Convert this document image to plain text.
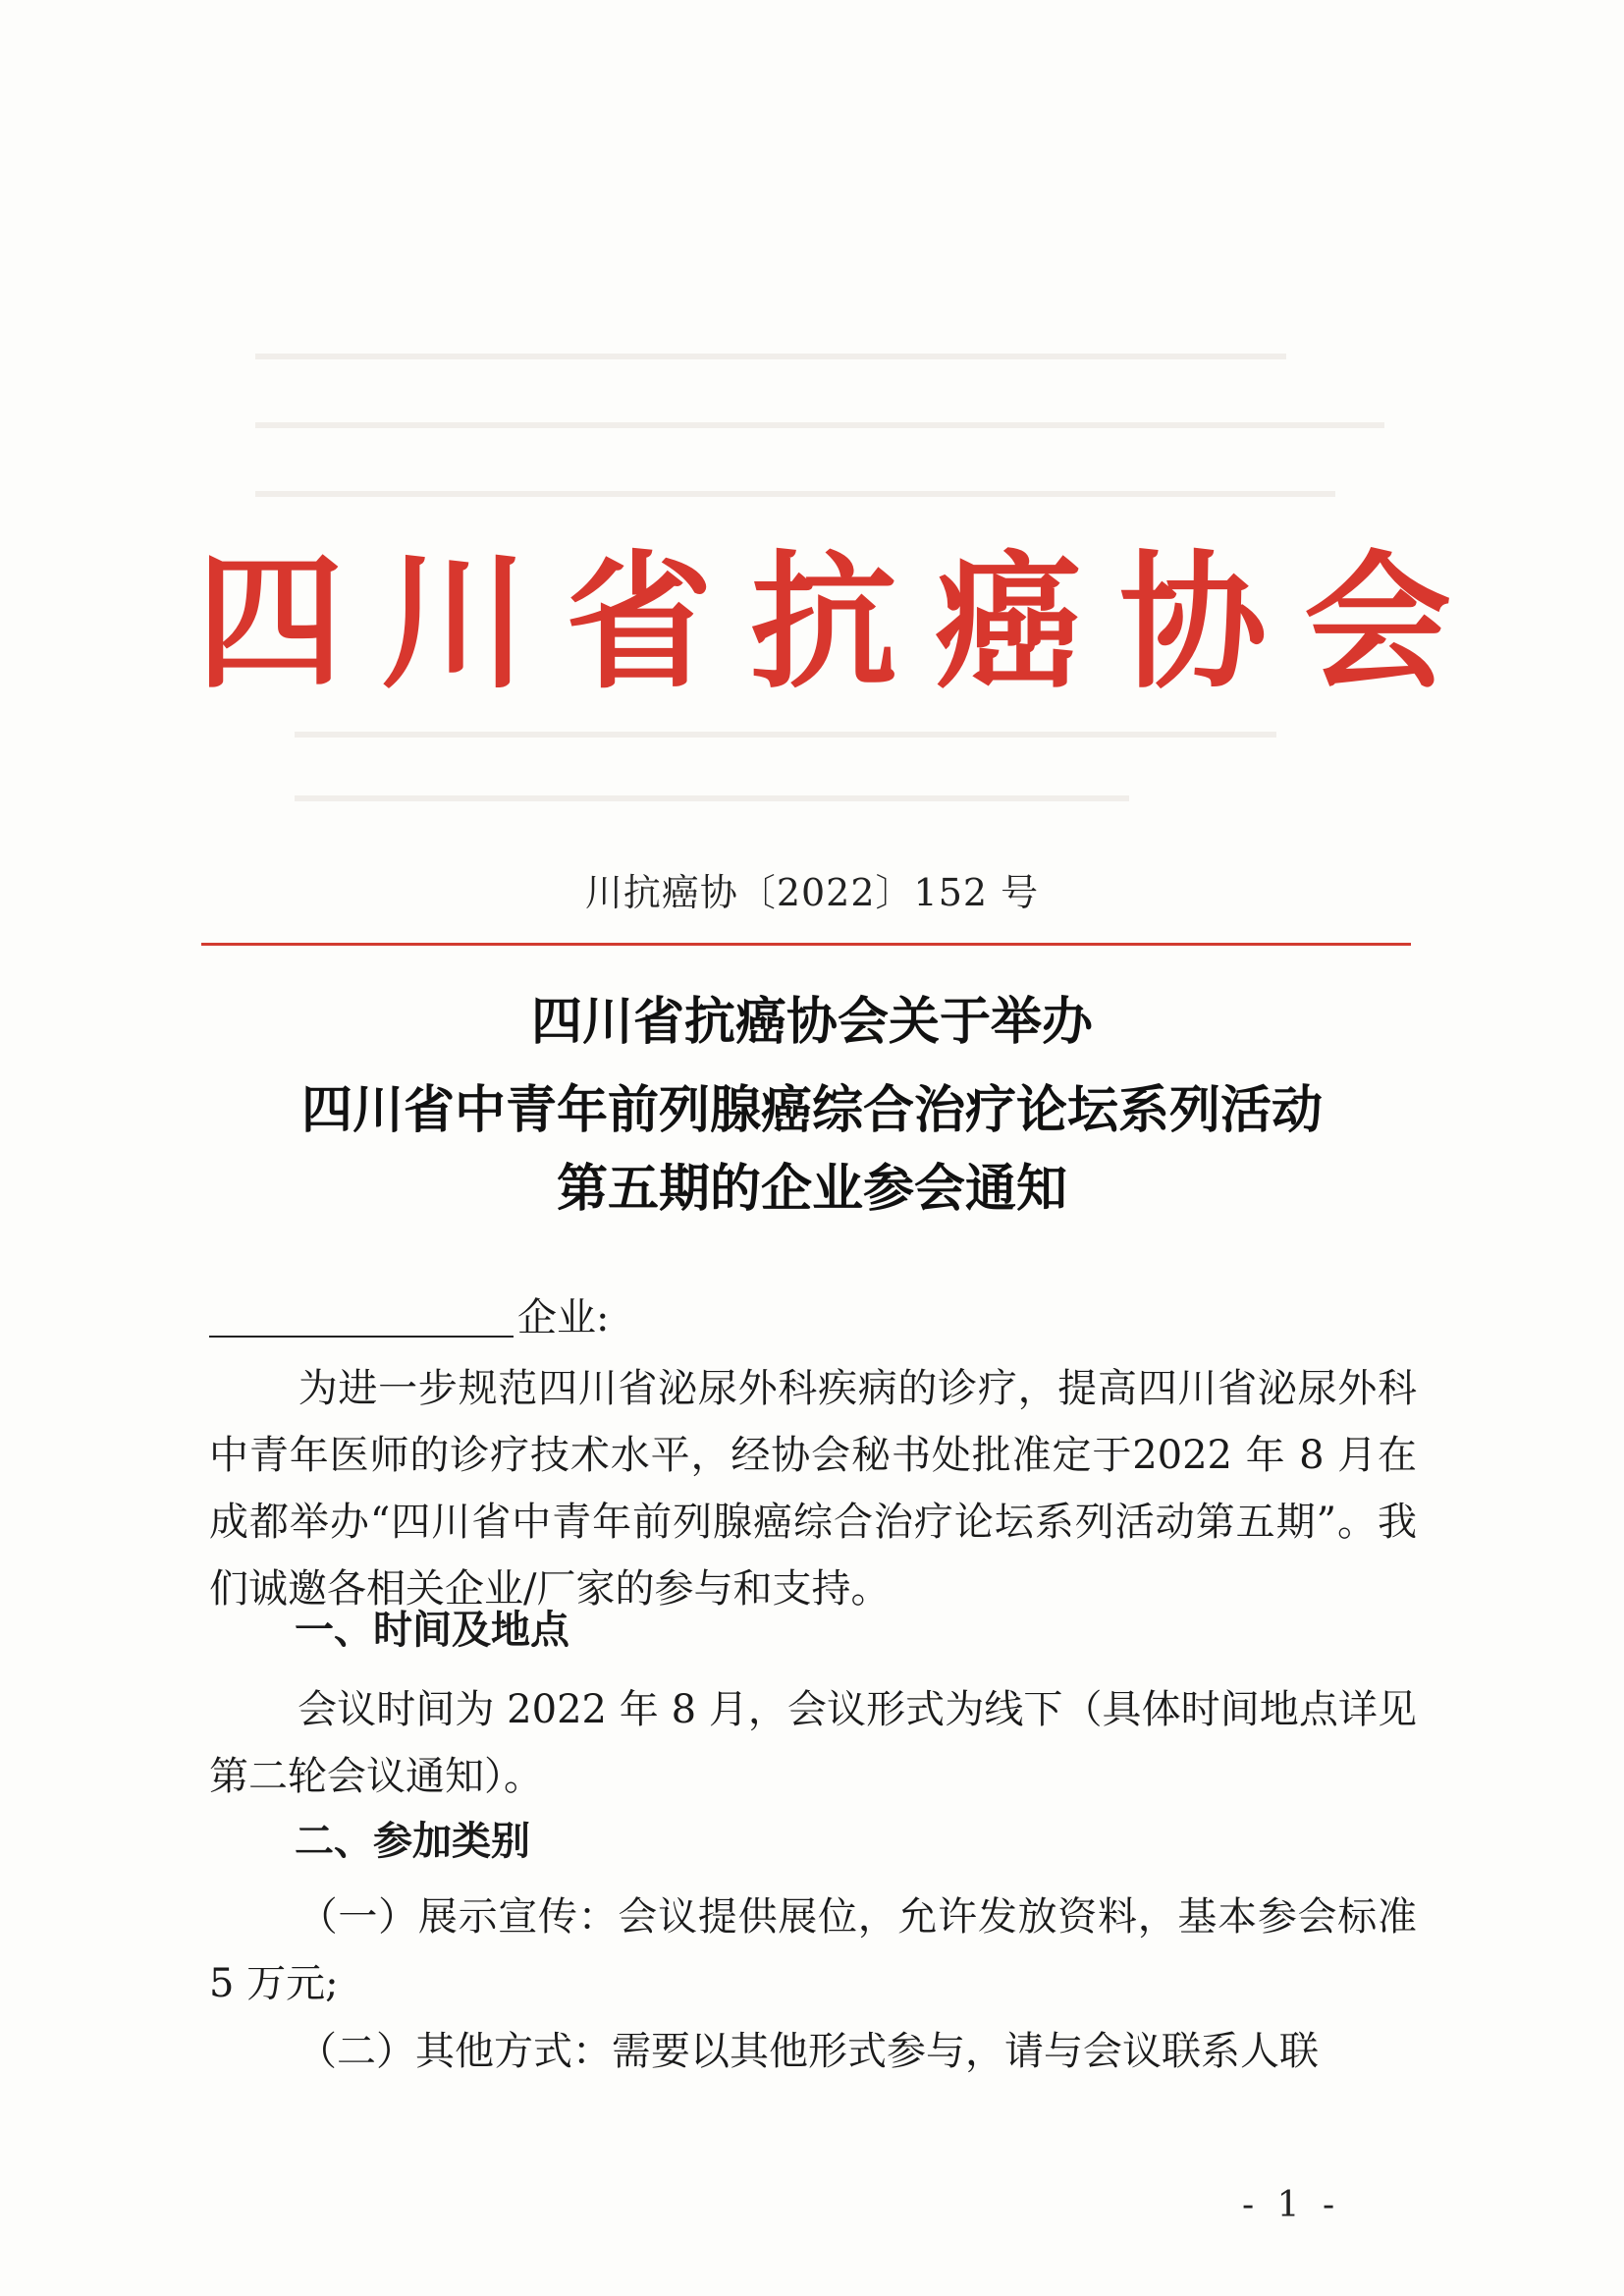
四川省抗癌协会
川抗癌协〔2022〕152 号
四川省抗癌协会关于举办
四川省中青年前列腺癌综合治疗论坛系列活动
第五期的企业参会通知
企业:

为进一步规范四川省泌尿外科疾病的诊疗，提高四川省泌尿外科中青年医师的诊疗技术水平，经协会秘书处批准定于2022 年 8 月在成都举办“四川省中青年前列腺癌综合治疗论坛系列活动第五期”。我们诚邀各相关企业/厂家的参与和支持。

一、时间及地点

会议时间为 2022 年 8 月，会议形式为线下（具体时间地点详见第二轮会议通知）。

二、参加类别

（一）展示宣传：会议提供展位，允许发放资料，基本参会标准 5 万元;

（二）其他方式：需要以其他形式参与，请与会议联系人联

- 1 -
